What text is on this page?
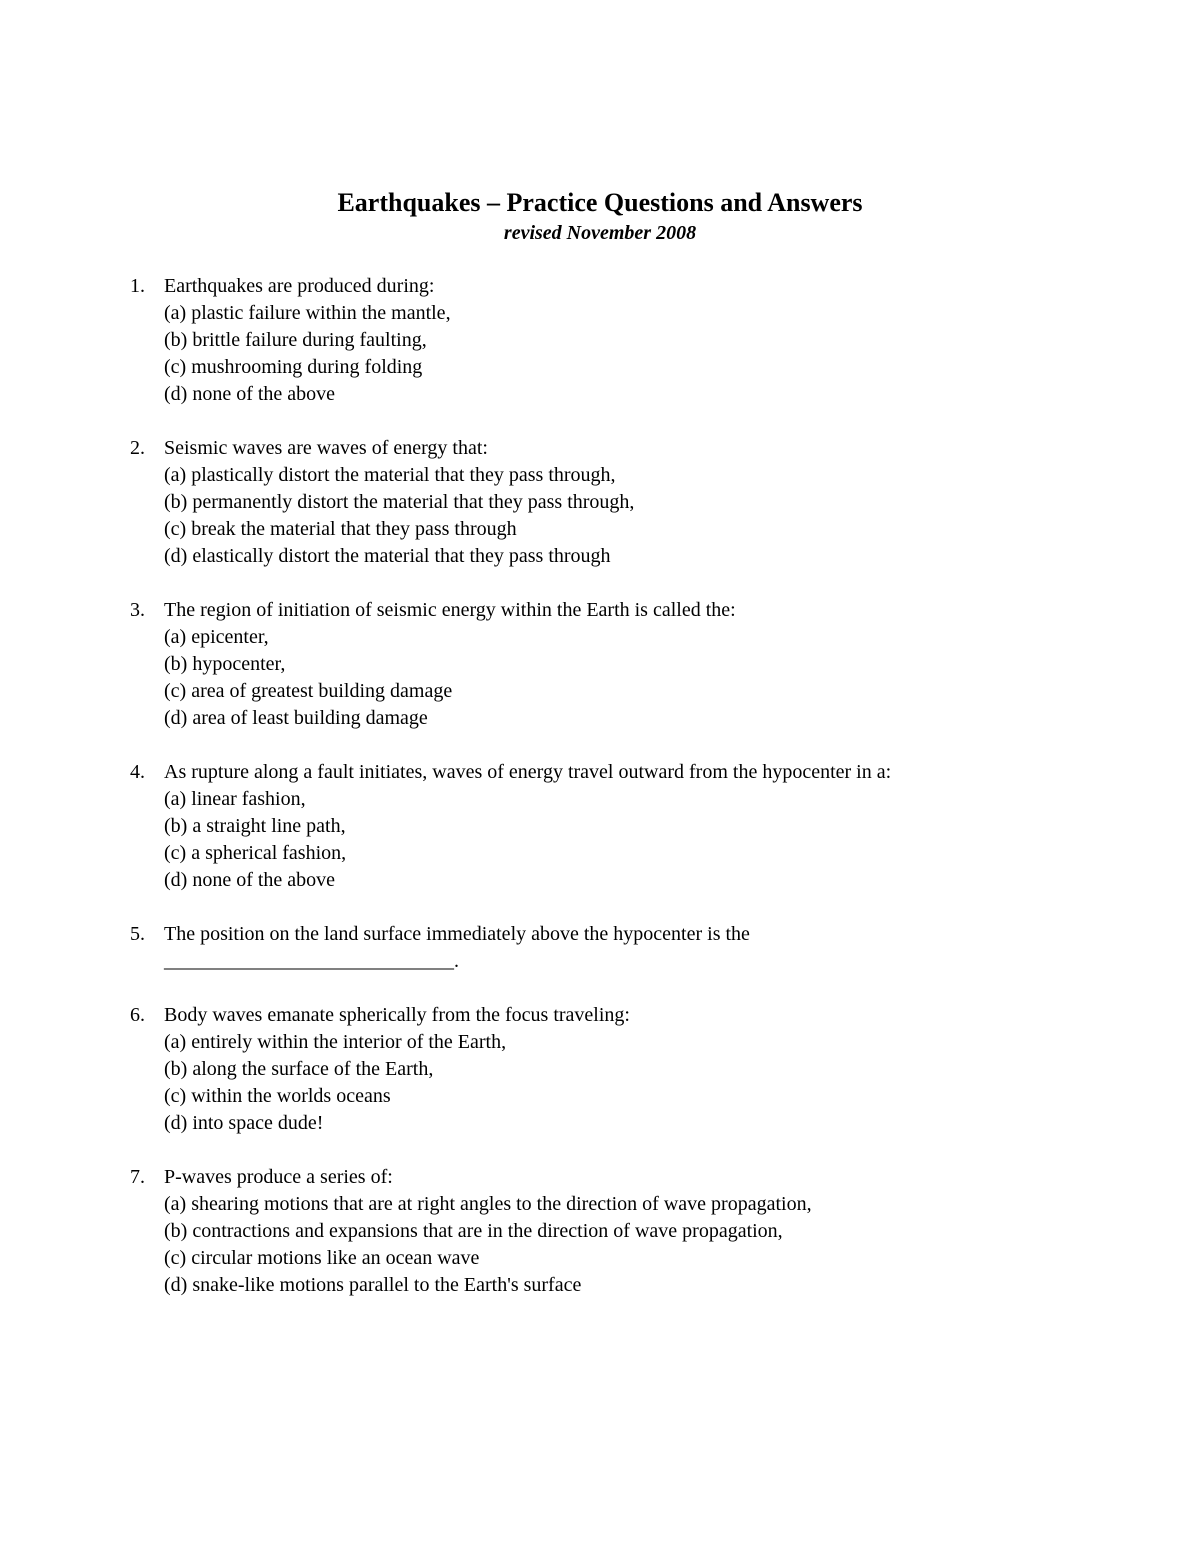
Earthquakes – Practice Questions and Answers
revised November 2008
1. Earthquakes are produced during:
(a) plastic failure within the mantle,
(b) brittle failure during faulting,
(c) mushrooming during folding
(d) none of the above
2. Seismic waves are waves of energy that:
(a) plastically distort the material that they pass through,
(b) permanently distort the material that they pass through,
(c) break the material that they pass through
(d) elastically distort the material that they pass through
3. The region of initiation of seismic energy within the Earth is called the:
(a) epicenter,
(b) hypocenter,
(c) area of greatest building damage
(d) area of least building damage
4. As rupture along a fault initiates, waves of energy travel outward from the hypocenter in a:
(a) linear fashion,
(b) a straight line path,
(c) a spherical fashion,
(d) none of the above
5. The position on the land surface immediately above the hypocenter is the
_____________________________.
6. Body waves emanate spherically from the focus traveling:
(a) entirely within the interior of the Earth,
(b) along the surface of the Earth,
(c) within the worlds oceans
(d) into space dude!
7. P-waves produce a series of:
(a) shearing motions that are at right angles to the direction of wave propagation,
(b) contractions and expansions that are in the direction of wave propagation,
(c) circular motions like an ocean wave
(d) snake-like motions parallel to the Earth's surface
